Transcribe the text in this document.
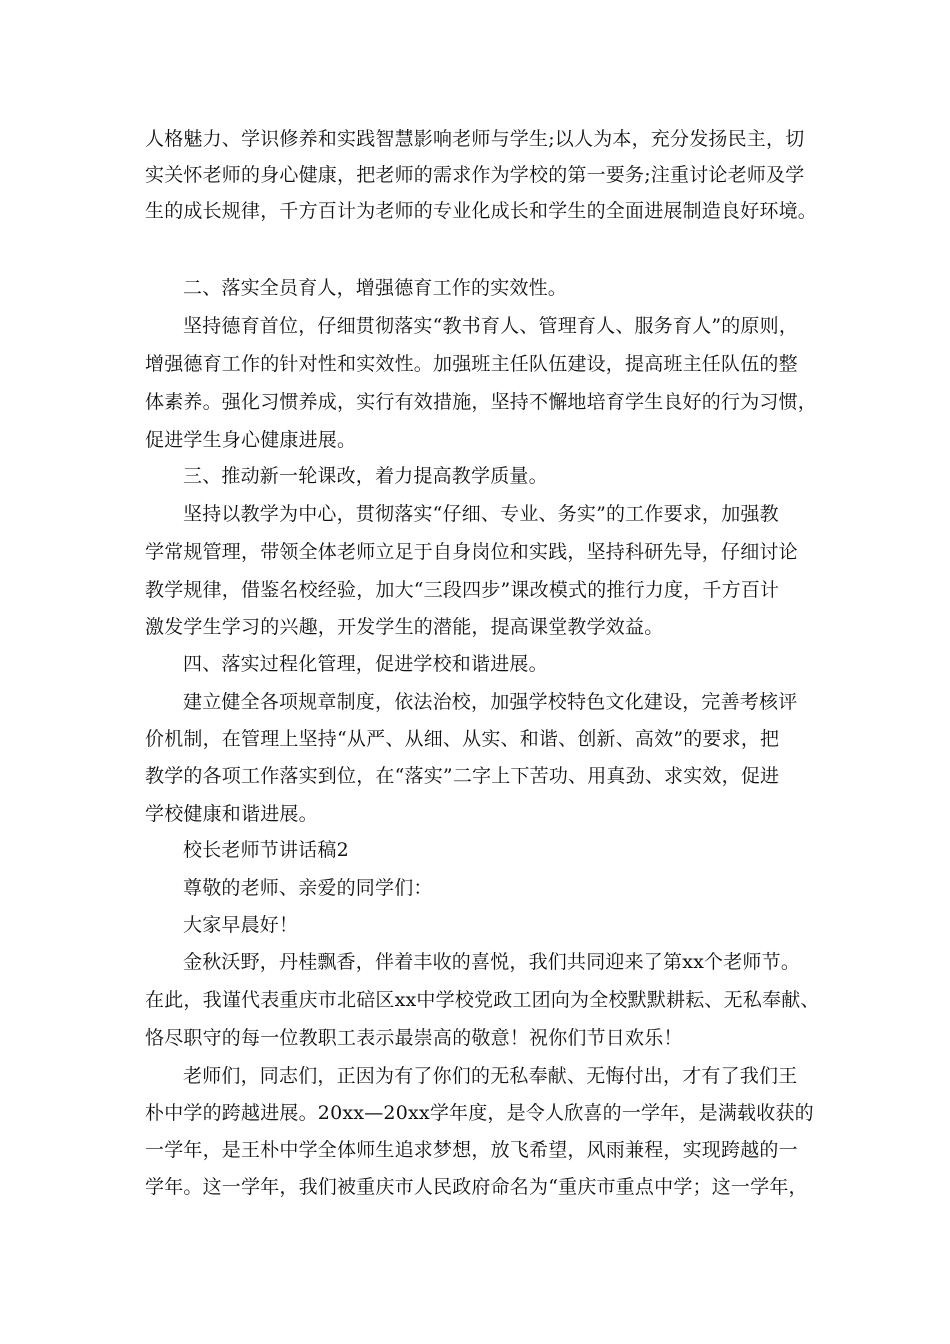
人格魅力、学识修养和实践智慧影响老师与学生;以人为本，充分发扬民主，切
实关怀老师的身心健康，把老师的需求作为学校的第一要务;注重讨论老师及学
生的成长规律，千方百计为老师的专业化成长和学生的全面进展制造良好环境。
二、落实全员育人，增强德育工作的实效性。
坚持德育首位，仔细贯彻落实“教书育人、管理育人、服务育人”的原则，
增强德育工作的针对性和实效性。加强班主任队伍建设，提高班主任队伍的整
体素养。强化习惯养成，实行有效措施，坚持不懈地培育学生良好的行为习惯，
促进学生身心健康进展。
三、推动新一轮课改，着力提高教学质量。
坚持以教学为中心，贯彻落实“仔细、专业、务实”的工作要求，加强教
学常规管理，带领全体老师立足于自身岗位和实践，坚持科研先导，仔细讨论
教学规律，借鉴名校经验，加大“三段四步”课改模式的推行力度，千方百计
激发学生学习的兴趣，开发学生的潜能，提高课堂教学效益。
四、落实过程化管理，促进学校和谐进展。
建立健全各项规章制度，依法治校，加强学校特色文化建设，完善考核评
价机制，在管理上坚持“从严、从细、从实、和谐、创新、高效”的要求，把
教学的各项工作落实到位，在“落实”二字上下苦功、用真劲、求实效，促进
学校健康和谐进展。
校长老师节讲话稿2
尊敬的老师、亲爱的同学们：
大家早晨好！
金秋沃野，丹桂飘香，伴着丰收的喜悦，我们共同迎来了第xx个老师节。
在此，我谨代表重庆市北碚区xx中学校党政工团向为全校默默耕耘、无私奉献、
恪尽职守的每一位教职工表示最崇高的敬意！祝你们节日欢乐！
老师们，同志们，正因为有了你们的无私奉献、无悔付出，才有了我们王
朴中学的跨越进展。20xx—20xx学年度，是令人欣喜的一学年，是满载收获的
一学年，是王朴中学全体师生追求梦想，放飞希望，风雨兼程，实现跨越的一
学年。这一学年，我们被重庆市人民政府命名为“重庆市重点中学；这一学年，
